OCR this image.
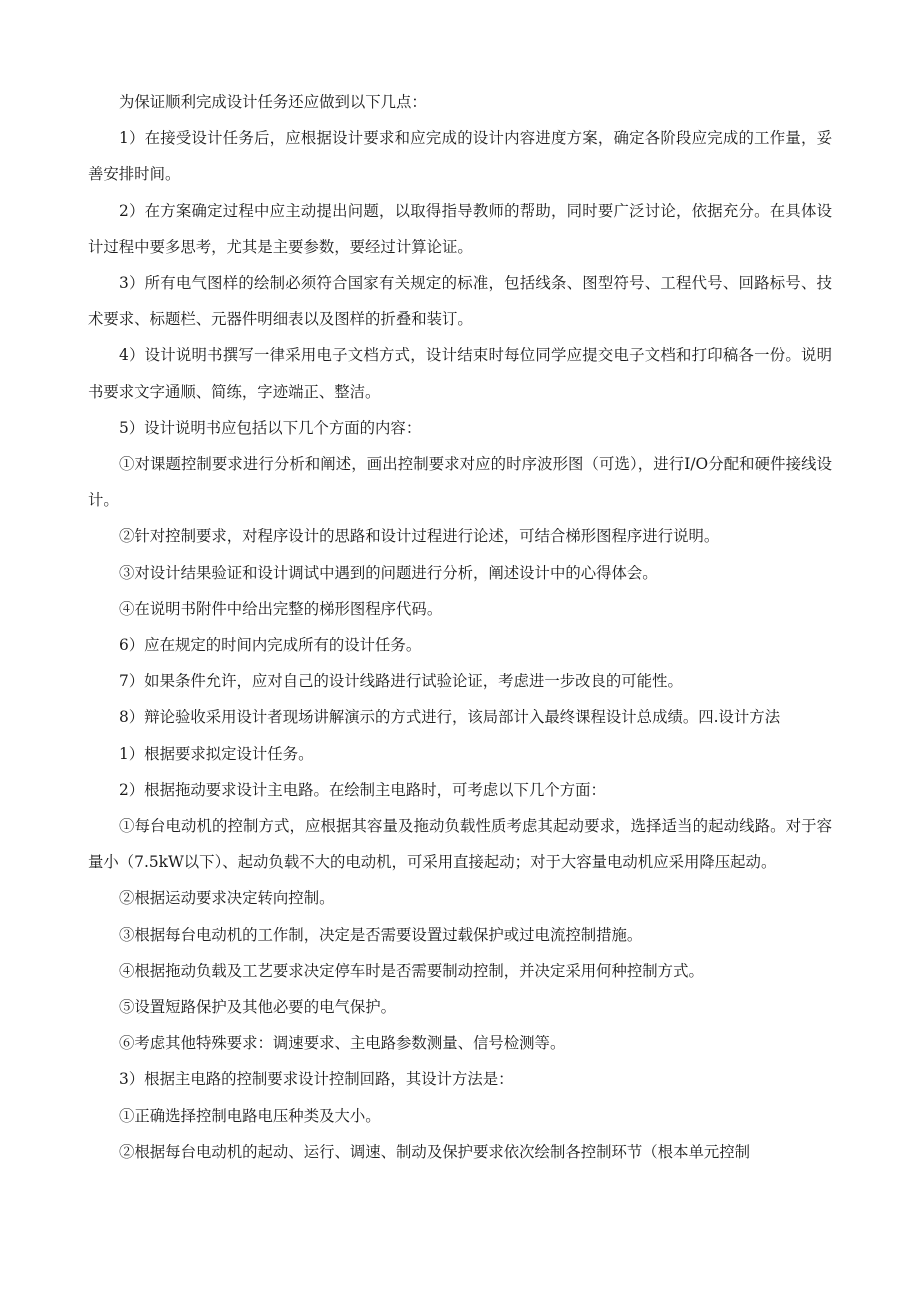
为保证顺利完成设计任务还应做到以下几点：

1）在接受设计任务后，应根据设计要求和应完成的设计内容进度方案，确定各阶段应完成的工作量，妥善安排时间。

2）在方案确定过程中应主动提出问题，以取得指导教师的帮助，同时要广泛讨论，依据充分。在具体设计过程中要多思考，尤其是主要参数，要经过计算论证。

3）所有电气图样的绘制必须符合国家有关规定的标准，包括线条、图型符号、工程代号、回路标号、技术要求、标题栏、元器件明细表以及图样的折叠和装订。

4）设计说明书撰写一律采用电子文档方式，设计结束时每位同学应提交电子文档和打印稿各一份。说明书要求文字通顺、简练，字迹端正、整洁。

5）设计说明书应包括以下几个方面的内容：

①对课题控制要求进行分析和阐述，画出控制要求对应的时序波形图（可选），进行I/O分配和硬件接线设计。

②针对控制要求，对程序设计的思路和设计过程进行论述，可结合梯形图程序进行说明。

③对设计结果验证和设计调试中遇到的问题进行分析，阐述设计中的心得体会。

④在说明书附件中给出完整的梯形图程序代码。

6）应在规定的时间内完成所有的设计任务。

7）如果条件允许，应对自己的设计线路进行试验论证，考虑进一步改良的可能性。

8）辩论验收采用设计者现场讲解演示的方式进行，该局部计入最终课程设计总成绩。四.设计方法

1）根据要求拟定设计任务。

2）根据拖动要求设计主电路。在绘制主电路时，可考虑以下几个方面：

①每台电动机的控制方式，应根据其容量及拖动负载性质考虑其起动要求，选择适当的起动线路。对于容量小（7.5kW以下）、起动负载不大的电动机，可采用直接起动；对于大容量电动机应采用降压起动。

②根据运动要求决定转向控制。

③根据每台电动机的工作制，决定是否需要设置过载保护或过电流控制措施。

④根据拖动负载及工艺要求决定停车时是否需要制动控制，并决定采用何种控制方式。

⑤设置短路保护及其他必要的电气保护。

⑥考虑其他特殊要求：调速要求、主电路参数测量、信号检测等。

3）根据主电路的控制要求设计控制回路，其设计方法是：

①正确选择控制电路电压种类及大小。

②根据每台电动机的起动、运行、调速、制动及保护要求依次绘制各控制环节（根本单元控制
